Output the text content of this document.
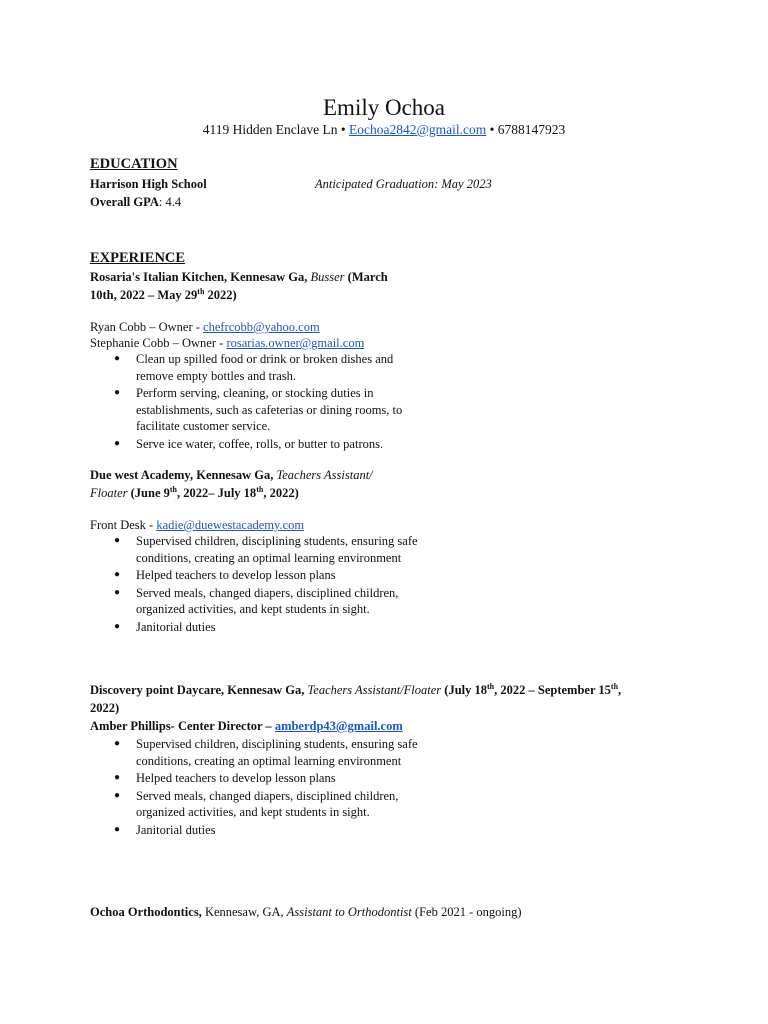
Emily Ochoa
4119 Hidden Enclave Ln • Eochoa2842@gmail.com • 6788147923
EDUCATION
Harrison High School	Anticipated Graduation: May 2023
Overall GPA: 4.4
EXPERIENCE
Rosaria's Italian Kitchen, Kennesaw Ga, Busser (March
10th, 2022 – May 29th 2022)
Ryan Cobb – Owner - chefrcobb@yahoo.com
Stephanie Cobb – Owner - rosarias.owner@gmail.com
● Clean up spilled food or drink or broken dishes and remove empty bottles and trash.
● Perform serving, cleaning, or stocking duties in establishments, such as cafeterias or dining rooms, to facilitate customer service.
● Serve ice water, coffee, rolls, or butter to patrons.
Due west Academy, Kennesaw Ga, Teachers Assistant/
Floater (June 9th, 2022– July 18th, 2022)
Front Desk - kadie@duewestacademy.com
● Supervised children, disciplining students, ensuring safe conditions, creating an optimal learning environment
● Helped teachers to develop lesson plans
● Served meals, changed diapers, disciplined children, organized activities, and kept students in sight.
● Janitorial duties
Discovery point Daycare, Kennesaw Ga, Teachers Assistant/Floater (July 18th, 2022 – September 15th,
2022)
Amber Phillips- Center Director – amberdp43@gmail.com
● Supervised children, disciplining students, ensuring safe conditions, creating an optimal learning environment
● Helped teachers to develop lesson plans
● Served meals, changed diapers, disciplined children, organized activities, and kept students in sight.
● Janitorial duties
Ochoa Orthodontics, Kennesaw, GA, Assistant to Orthodontist (Feb 2021 - ongoing)
